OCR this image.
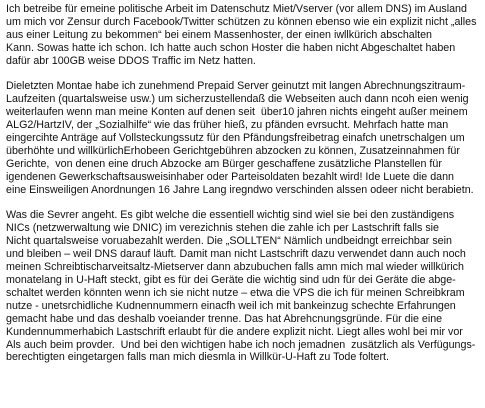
Ich betreibe für emeine politische Arbeit im Datenschutz Miet/Vserver (vor allem DNS) im Ausland
um mich vor Zensur durch Facebook/Twitter schützen zu können ebenso wie ein explizit nicht „alles
aus einer Leitung zu bekommen“ bei einem Massenhoster, der einen iwllkürich abschalten
Kann. Sowas hatte ich schon. Ich hatte auch schon Hoster die haben nicht Abgeschaltet haben
dafür abr 100GB weise DDOS Traffic im Netz hatten.

Dieletzten Montae habe ich zunehmend Prepaid Server geinutzt mit langen Abrechnungszitraum-
Laufzeiten (quartalsweise usw.) um sicherzustellendaß die Webseiten auch dann ncoh eien wenig
weiterlaufen wenn man meine Konten auf denen seit  über10 jahren nichts eingeht außer meinem
ALG2/HartzIV, der „Sozialhilfe“ wie das früher hieß, zu pfänden evrsucht. Mehrfach hatte man
eingercihte Anträge auf Vollsteckungssutz für den Pfändungsfreibetrag einafch unetrschalgen um
überhöhte und willkürlichErhobeen Gerichtgebühren abzocken zu können, Zusatzeinnahmen für
Gerichte,  von denen eine druch Abzocke am Bürger geschaffene zusätzliche Planstellen für
igendenen Gewerkschaftsausweisinhaber oder Parteisoldaten bezahlt wird! Ide Luete die dann
eine Einsweiligen Anordnungen 16 Jahre Lang iregndwo verschinden alssen odeer nicht berabietn.

Was die Sevrer angeht. Es gibt welche die essentiell wichtig sind wiel sie bei den zuständigens
NICs (netzwerwaltung wie DNIC) im verezichnis stehen die zahle ich per Lastschrift falls sie
Nicht quartalsweise voruabezahlt werden. Die „SOLLTEN“ Nämlich undbeidngt erreichbar sein
und bleiben – weil DNS darauf läuft. Damit man nicht Lastschrift dazu verwendet dann auch noch
meinen Schreibtischarveitsaltz-Mietserver dann abzubuchen falls amn mich mal wieder willkürich
monatelang in U-Haft steckt, gibt es für dei Geräte die wichtig sind udn für dei Geräte die abge-
schaltet werden könnten wenn ich sie nicht nutze – etwa die VPS die ich für meinen Schreibkram
nutze - unetsrchidliche Kudnennummern einacfh weil ich mit bankeinzug schechte Erfahrungen
gemacht habe und das deshalb voeiander trenne. Das hat Abrehcnungsgründe. Für die eine
Kundennummerhabich Lastschrift erlaubt für die andere explizit nicht. Liegt alles wohl bei mir vor
Als auch beim provder.  Und bei den wichtigen habe ich noch jemadnen  zusätzlich als Verfügungs-
berechtigten eingetargen falls man mich diesmla in Willkür-U-Haft zu Tode foltert.
